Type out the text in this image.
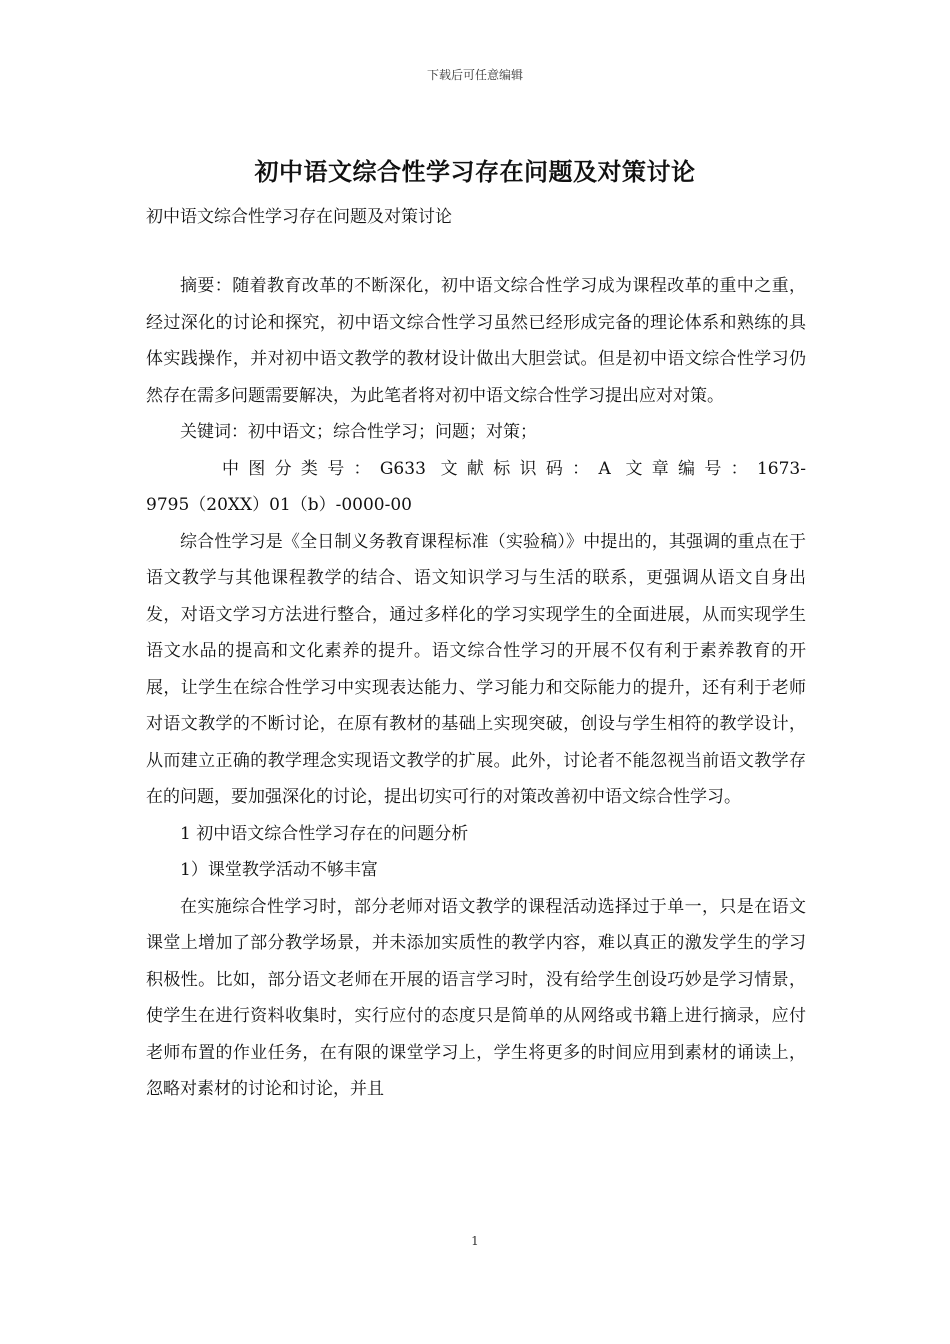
下载后可任意编辑
初中语文综合性学习存在问题及对策讨论
初中语文综合性学习存在问题及对策讨论

摘要：随着教育改革的不断深化，初中语文综合性学习成为课程改革的重中之重，经过深化的讨论和探究，初中语文综合性学习虽然已经形成完备的理论体系和熟练的具体实践操作，并对初中语文教学的教材设计做出大胆尝试。但是初中语文综合性学习仍然存在需多问题需要解决，为此笔者将对初中语文综合性学习提出应对对策。

关键词：初中语文；综合性学习；问题；对策；

中图分类号：G633 文献标识码：A 文章编号：1673-
9795（20XX）01（b）-0000-00

综合性学习是《全日制义务教育课程标准（实验稿）》中提出的，其强调的重点在于语文教学与其他课程教学的结合、语文知识学习与生活的联系，更强调从语文自身出发，对语文学习方法进行整合，通过多样化的学习实现学生的全面进展，从而实现学生语文水品的提高和文化素养的提升。语文综合性学习的开展不仅有利于素养教育的开展，让学生在综合性学习中实现表达能力、学习能力和交际能力的提升，还有利于老师对语文教学的不断讨论，在原有教材的基础上实现突破，创设与学生相符的教学设计，从而建立正确的教学理念实现语文教学的扩展。此外，讨论者不能忽视当前语文教学存在的问题，要加强深化的讨论，提出切实可行的对策改善初中语文综合性学习。

1 初中语文综合性学习存在的问题分析

1）课堂教学活动不够丰富

在实施综合性学习时，部分老师对语文教学的课程活动选择过于单一，只是在语文课堂上增加了部分教学场景，并未添加实质性的教学内容，难以真正的激发学生的学习积极性。比如，部分语文老师在开展的语言学习时，没有给学生创设巧妙是学习情景，使学生在进行资料收集时，实行应付的态度只是简单的从网络或书籍上进行摘录，应付老师布置的作业任务，在有限的课堂学习上，学生将更多的时间应用到素材的诵读上，忽略对素材的讨论和讨论，并且

1
